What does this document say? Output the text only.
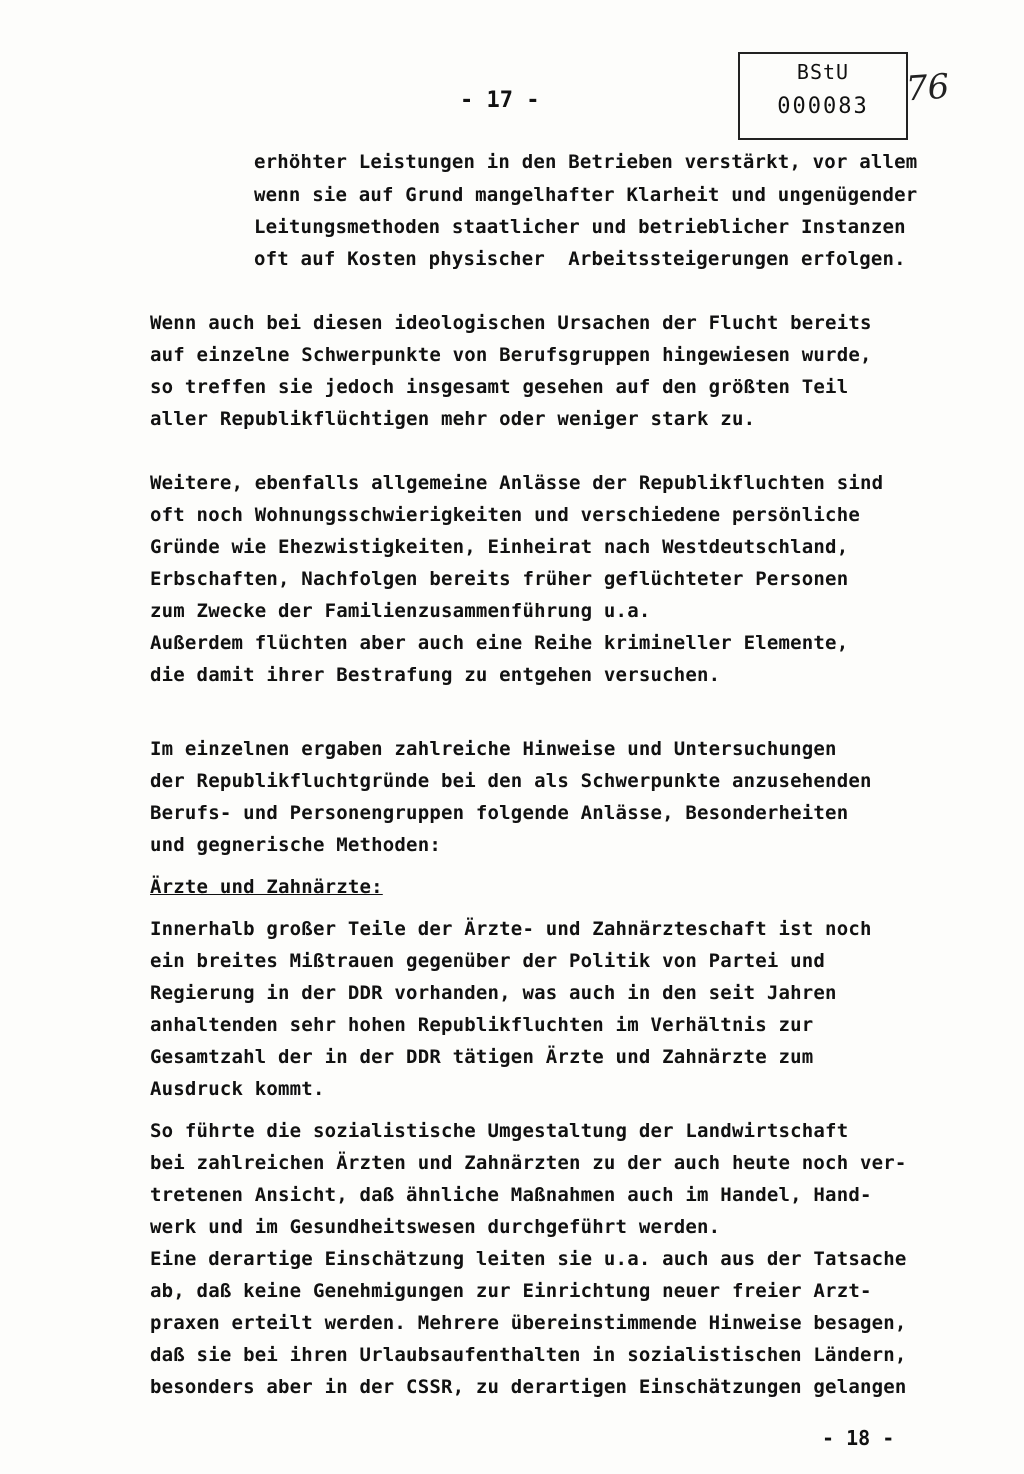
- 17 -
BStU
000083	76
erhöhter Leistungen in den Betrieben verstärkt, vor allem
wenn sie auf Grund mangelhafter Klarheit und ungenügender
Leitungsmethoden staatlicher und betrieblicher Instanzen
oft auf Kosten physischer  Arbeitssteigerungen erfolgen.
Wenn auch bei diesen ideologischen Ursachen der Flucht bereits
auf einzelne Schwerpunkte von Berufsgruppen hingewiesen wurde,
so treffen sie jedoch insgesamt gesehen auf den größten Teil
aller Republikflüchtigen mehr oder weniger stark zu.
Weitere, ebenfalls allgemeine Anlässe der Republikfluchten sind
oft noch Wohnungsschwierigkeiten und verschiedene persönliche
Gründe wie Ehezwistigkeiten, Einheirat nach Westdeutschland,
Erbschaften, Nachfolgen bereits früher geflüchteter Personen
zum Zwecke der Familienzusammenführung u.a.
Außerdem flüchten aber auch eine Reihe krimineller Elemente,
die damit ihrer Bestrafung zu entgehen versuchen.
Im einzelnen ergaben zahlreiche Hinweise und Untersuchungen
der Republikfluchtgründe bei den als Schwerpunkte anzusehenden
Berufs- und Personengruppen folgende Anlässe, Besonderheiten
und gegnerische Methoden:
Ärzte und Zahnärzte:
Innerhalb großer Teile der Ärzte- und Zahnärzteschaft ist noch
ein breites Mißtrauen gegenüber der Politik von Partei und
Regierung in der DDR vorhanden, was auch in den seit Jahren
anhaltenden sehr hohen Republikfluchten im Verhältnis zur
Gesamtzahl der in der DDR tätigen Ärzte und Zahnärzte zum
Ausdruck kommt.
So führte die sozialistische Umgestaltung der Landwirtschaft
bei zahlreichen Ärzten und Zahnärzten zu der auch heute noch ver-
tretenen Ansicht, daß ähnliche Maßnahmen auch im Handel, Hand-
werk und im Gesundheitswesen durchgeführt werden.
Eine derartige Einschätzung leiten sie u.a. auch aus der Tatsache
ab, daß keine Genehmigungen zur Einrichtung neuer freier Arzt-
praxen erteilt werden. Mehrere übereinstimmende Hinweise besagen,
daß sie bei ihren Urlaubsaufenthalten in sozialistischen Ländern,
besonders aber in der CSSR, zu derartigen Einschätzungen gelangen
- 18 -
